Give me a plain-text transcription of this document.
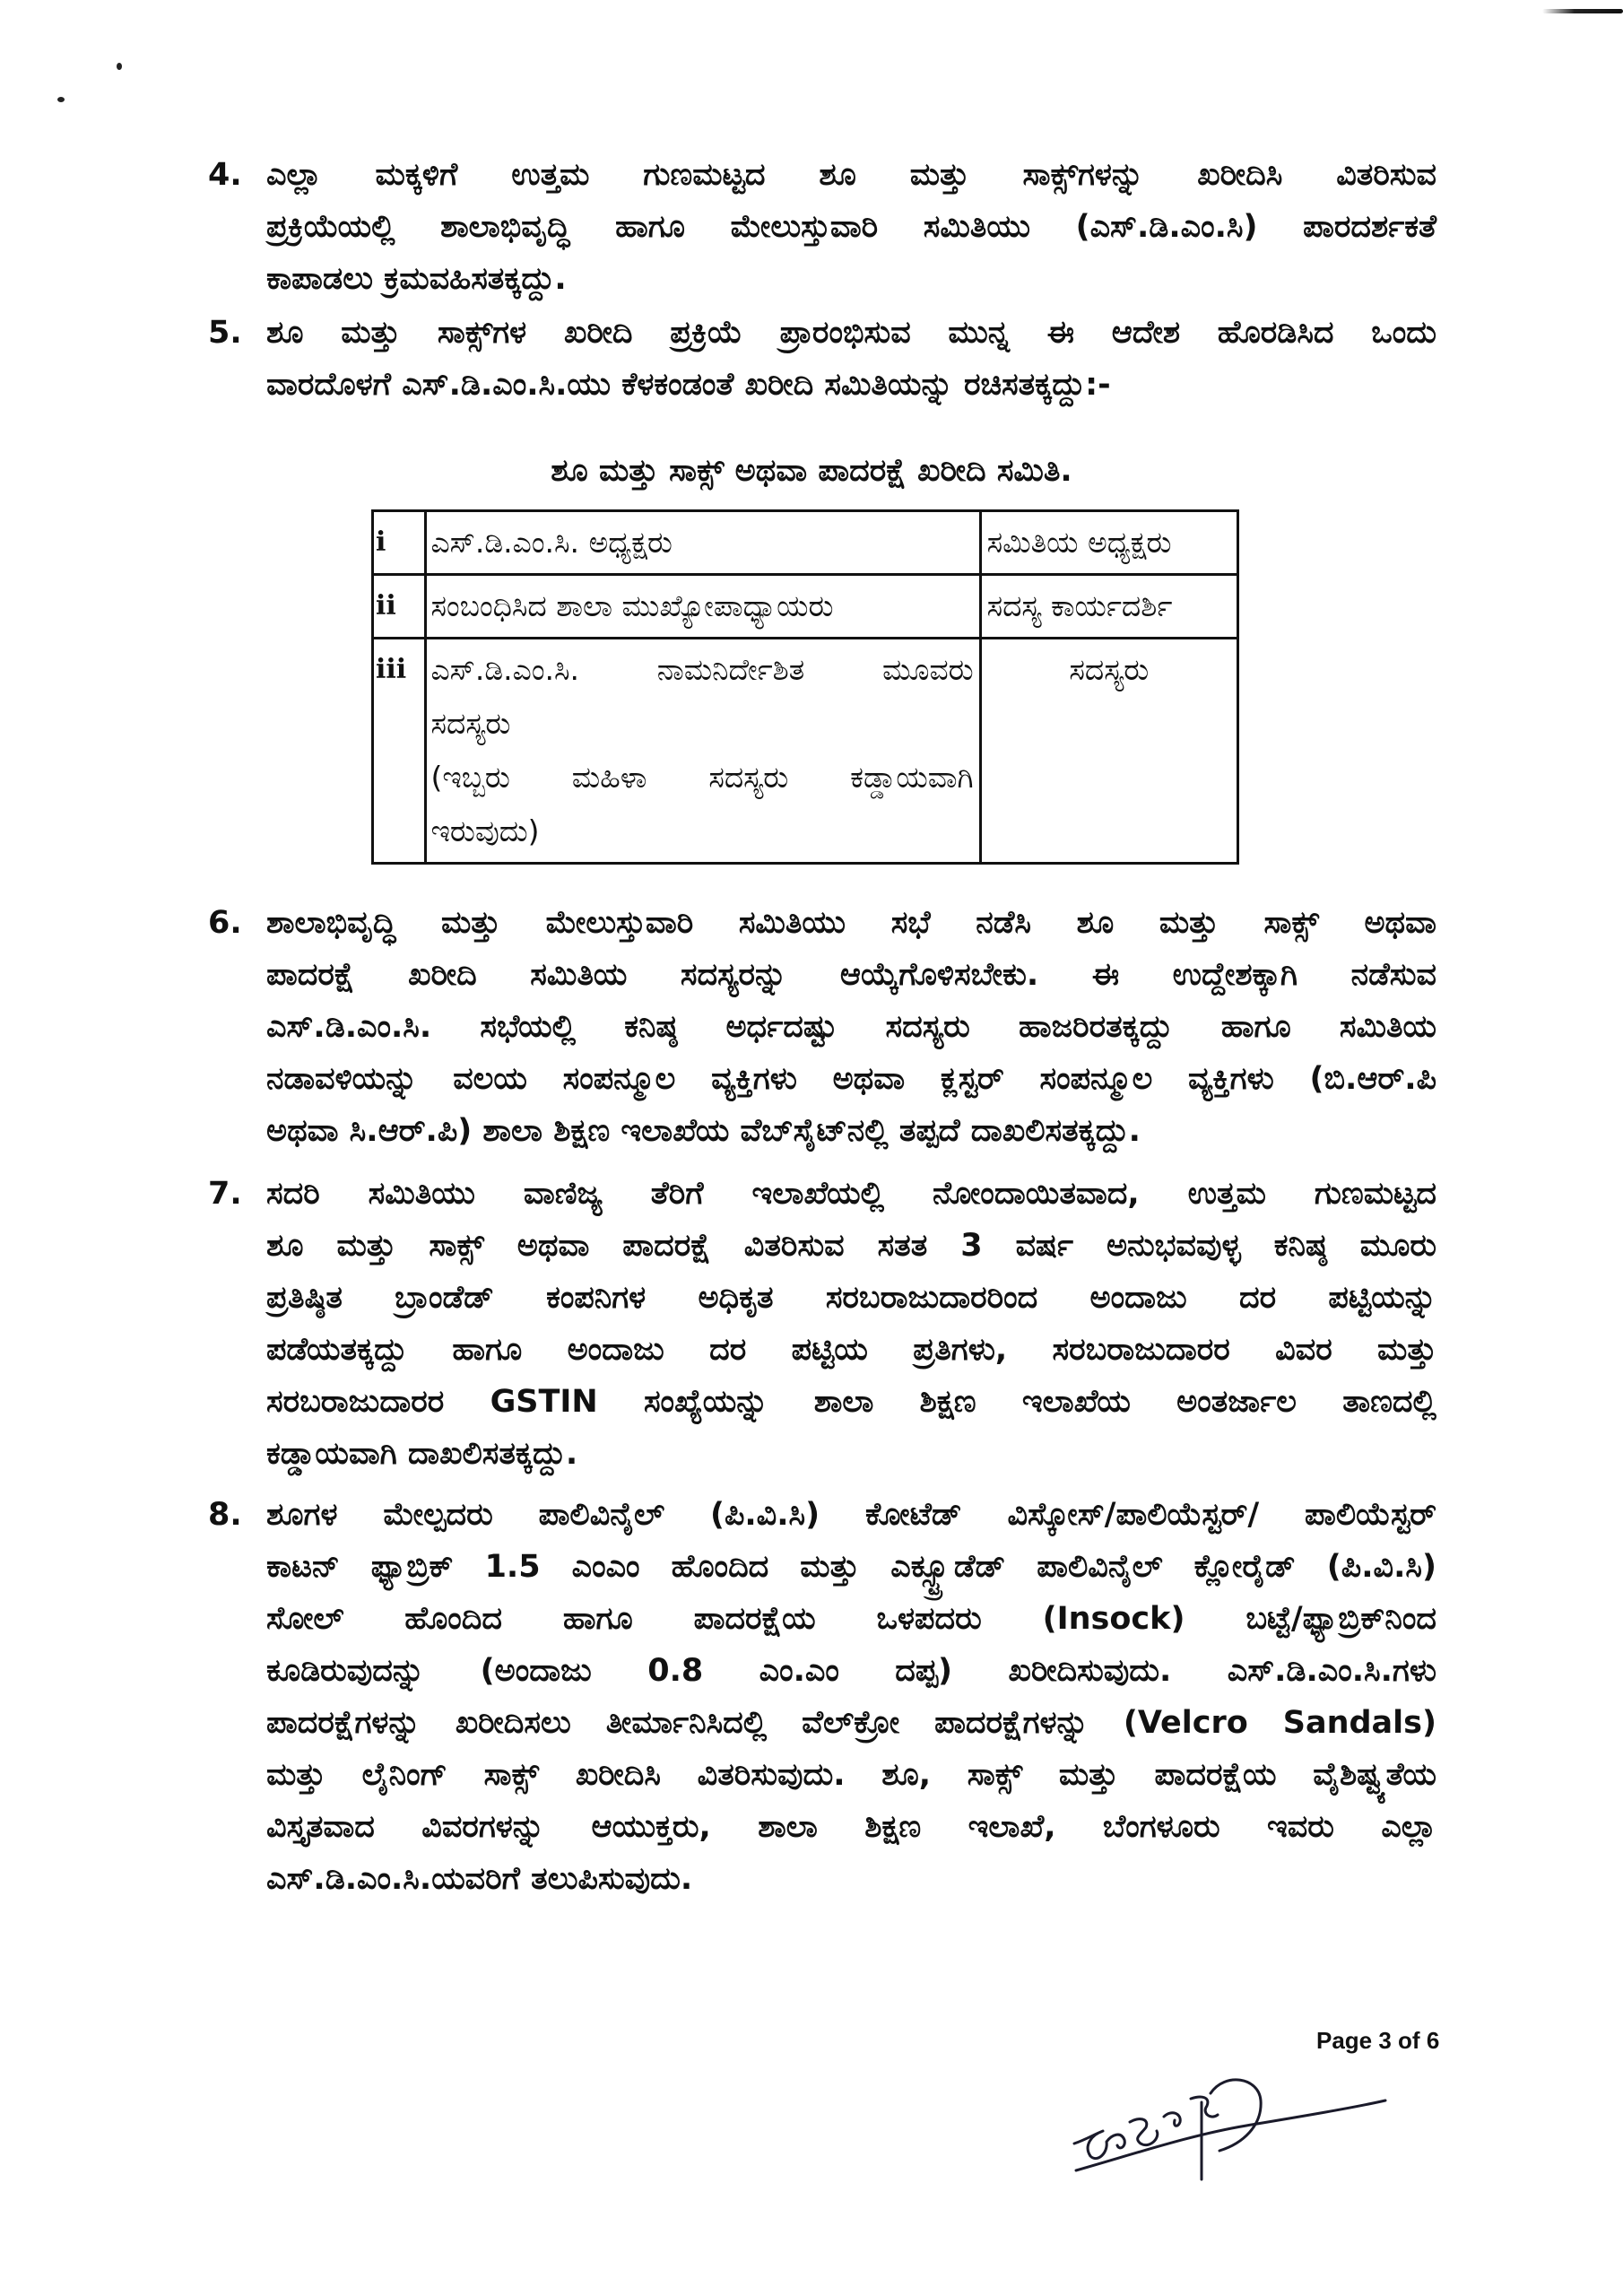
4. ಎಲ್ಲಾ ಮಕ್ಕಳಿಗೆ ಉತ್ತಮ ಗುಣಮಟ್ಟದ ಶೂ ಮತ್ತು ಸಾಕ್ಸ್‌ಗಳನ್ನು ಖರೀದಿಸಿ ವಿತರಿಸುವ
ಪ್ರಕ್ರಿಯೆಯಲ್ಲಿ ಶಾಲಾಭಿವೃದ್ಧಿ ಹಾಗೂ ಮೇಲುಸ್ತುವಾರಿ ಸಮಿತಿಯು (ಎಸ್.ಡಿ.ಎಂ.ಸಿ) ಪಾರದರ್ಶಕತೆ
ಕಾಪಾಡಲು ಕ್ರಮವಹಿಸತಕ್ಕದ್ದು.
5. ಶೂ ಮತ್ತು ಸಾಕ್ಸ್‌ಗಳ ಖರೀದಿ ಪ್ರಕ್ರಿಯೆ ಪ್ರಾರಂಭಿಸುವ ಮುನ್ನ ಈ ಆದೇಶ ಹೊರಡಿಸಿದ ಒಂದು
ವಾರದೊಳಗೆ ಎಸ್.ಡಿ.ಎಂ.ಸಿ.ಯು ಕೆಳಕಂಡಂತೆ ಖರೀದಿ ಸಮಿತಿಯನ್ನು ರಚಿಸತಕ್ಕದ್ದು:-
ಶೂ ಮತ್ತು ಸಾಕ್ಸ್ ಅಥವಾ ಪಾದರಕ್ಷೆ ಖರೀದಿ ಸಮಿತಿ.
i	ಎಸ್.ಡಿ.ಎಂ.ಸಿ. ಅಧ್ಯಕ್ಷರು	ಸಮಿತಿಯ ಅಧ್ಯಕ್ಷರು
ii	ಸಂಬಂಧಿಸಿದ ಶಾಲಾ ಮುಖ್ಯೋಪಾಧ್ಯಾಯರು	ಸದಸ್ಯ ಕಾರ್ಯದರ್ಶಿ
iii	ಎಸ್.ಡಿ.ಎಂ.ಸಿ. ನಾಮನಿರ್ದೇಶಿತ ಮೂವರು
ಸದಸ್ಯರು
(ಇಬ್ಬರು ಮಹಿಳಾ ಸದಸ್ಯರು ಕಡ್ಡಾಯವಾಗಿ
ಇರುವುದು)	ಸದಸ್ಯರು
6. ಶಾಲಾಭಿವೃದ್ಧಿ ಮತ್ತು ಮೇಲುಸ್ತುವಾರಿ ಸಮಿತಿಯು ಸಭೆ ನಡೆಸಿ ಶೂ ಮತ್ತು ಸಾಕ್ಸ್ ಅಥವಾ
ಪಾದರಕ್ಷೆ ಖರೀದಿ ಸಮಿತಿಯ ಸದಸ್ಯರನ್ನು ಆಯ್ಕೆಗೊಳಿಸಬೇಕು. ಈ ಉದ್ದೇಶಕ್ಕಾಗಿ ನಡೆಸುವ
ಎಸ್.ಡಿ.ಎಂ.ಸಿ. ಸಭೆಯಲ್ಲಿ ಕನಿಷ್ಠ ಅರ್ಧದಷ್ಟು ಸದಸ್ಯರು ಹಾಜರಿರತಕ್ಕದ್ದು ಹಾಗೂ ಸಮಿತಿಯ
ನಡಾವಳಿಯನ್ನು ವಲಯ ಸಂಪನ್ಮೂಲ ವ್ಯಕ್ತಿಗಳು ಅಥವಾ ಕ್ಲಸ್ಟರ್ ಸಂಪನ್ಮೂಲ ವ್ಯಕ್ತಿಗಳು (ಬಿ.ಆರ್.ಪಿ
ಅಥವಾ ಸಿ.ಆರ್.ಪಿ) ಶಾಲಾ ಶಿಕ್ಷಣ ಇಲಾಖೆಯ ವೆಬ್‌ಸೈಟ್‌ನಲ್ಲಿ ತಪ್ಪದೆ ದಾಖಲಿಸತಕ್ಕದ್ದು.
7. ಸದರಿ ಸಮಿತಿಯು ವಾಣಿಜ್ಯ ತೆರಿಗೆ ಇಲಾಖೆಯಲ್ಲಿ ನೋಂದಾಯಿತವಾದ, ಉತ್ತಮ ಗುಣಮಟ್ಟದ
ಶೂ ಮತ್ತು ಸಾಕ್ಸ್ ಅಥವಾ ಪಾದರಕ್ಷೆ ವಿತರಿಸುವ ಸತತ 3 ವರ್ಷ ಅನುಭವವುಳ್ಳ ಕನಿಷ್ಠ ಮೂರು
ಪ್ರತಿಷ್ಠಿತ ಬ್ರಾಂಡೆಡ್ ಕಂಪನಿಗಳ ಅಧಿಕೃತ ಸರಬರಾಜುದಾರರಿಂದ ಅಂದಾಜು ದರ ಪಟ್ಟಿಯನ್ನು
ಪಡೆಯತಕ್ಕದ್ದು ಹಾಗೂ ಅಂದಾಜು ದರ ಪಟ್ಟಿಯ ಪ್ರತಿಗಳು, ಸರಬರಾಜುದಾರರ ವಿವರ ಮತ್ತು
ಸರಬರಾಜುದಾರರ GSTIN ಸಂಖ್ಯೆಯನ್ನು ಶಾಲಾ ಶಿಕ್ಷಣ ಇಲಾಖೆಯ ಅಂತರ್ಜಾಲ ತಾಣದಲ್ಲಿ
ಕಡ್ಡಾಯವಾಗಿ ದಾಖಲಿಸತಕ್ಕದ್ದು.
8. ಶೂಗಳ ಮೇಲ್ಪದರು ಪಾಲಿವಿನೈಲ್ (ಪಿ.ವಿ.ಸಿ) ಕೋಟೆಡ್ ವಿಸ್ಕೋಸ್/ಪಾಲಿಯೆಸ್ಟರ್/ ಪಾಲಿಯೆಸ್ಟರ್
ಕಾಟನ್ ಫ್ಯಾಬ್ರಿಕ್ 1.5 ಎಂಎಂ ಹೊಂದಿದ ಮತ್ತು ಎಕ್ಸ್ಟ್ರೂಡೆಡ್ ಪಾಲಿವಿನೈಲ್ ಕ್ಲೋರೈಡ್ (ಪಿ.ವಿ.ಸಿ)
ಸೋಲ್ ಹೊಂದಿದ ಹಾಗೂ ಪಾದರಕ್ಷೆಯ ಒಳಪದರು (Insock) ಬಟ್ಟೆ/ಫ್ಯಾಬ್ರಿಕ್‌ನಿಂದ
ಕೂಡಿರುವುದನ್ನು (ಅಂದಾಜು 0.8 ಎಂ.ಎಂ ದಪ್ಪ) ಖರೀದಿಸುವುದು. ಎಸ್.ಡಿ.ಎಂ.ಸಿ.ಗಳು
ಪಾದರಕ್ಷೆಗಳನ್ನು ಖರೀದಿಸಲು ತೀರ್ಮಾನಿಸಿದಲ್ಲಿ ವೆಲ್‌ಕ್ರೋ ಪಾದರಕ್ಷೆಗಳನ್ನು (Velcro Sandals)
ಮತ್ತು ಲೈನಿಂಗ್ ಸಾಕ್ಸ್ ಖರೀದಿಸಿ ವಿತರಿಸುವುದು. ಶೂ, ಸಾಕ್ಸ್ ಮತ್ತು ಪಾದರಕ್ಷೆಯ ವೈಶಿಷ್ಟ್ಯತೆಯ
ವಿಸ್ತೃತವಾದ ವಿವರಗಳನ್ನು ಆಯುಕ್ತರು, ಶಾಲಾ ಶಿಕ್ಷಣ ಇಲಾಖೆ, ಬೆಂಗಳೂರು ಇವರು ಎಲ್ಲಾ
ಎಸ್.ಡಿ.ಎಂ.ಸಿ.ಯವರಿಗೆ ತಲುಪಿಸುವುದು.
Page 3 of 6
